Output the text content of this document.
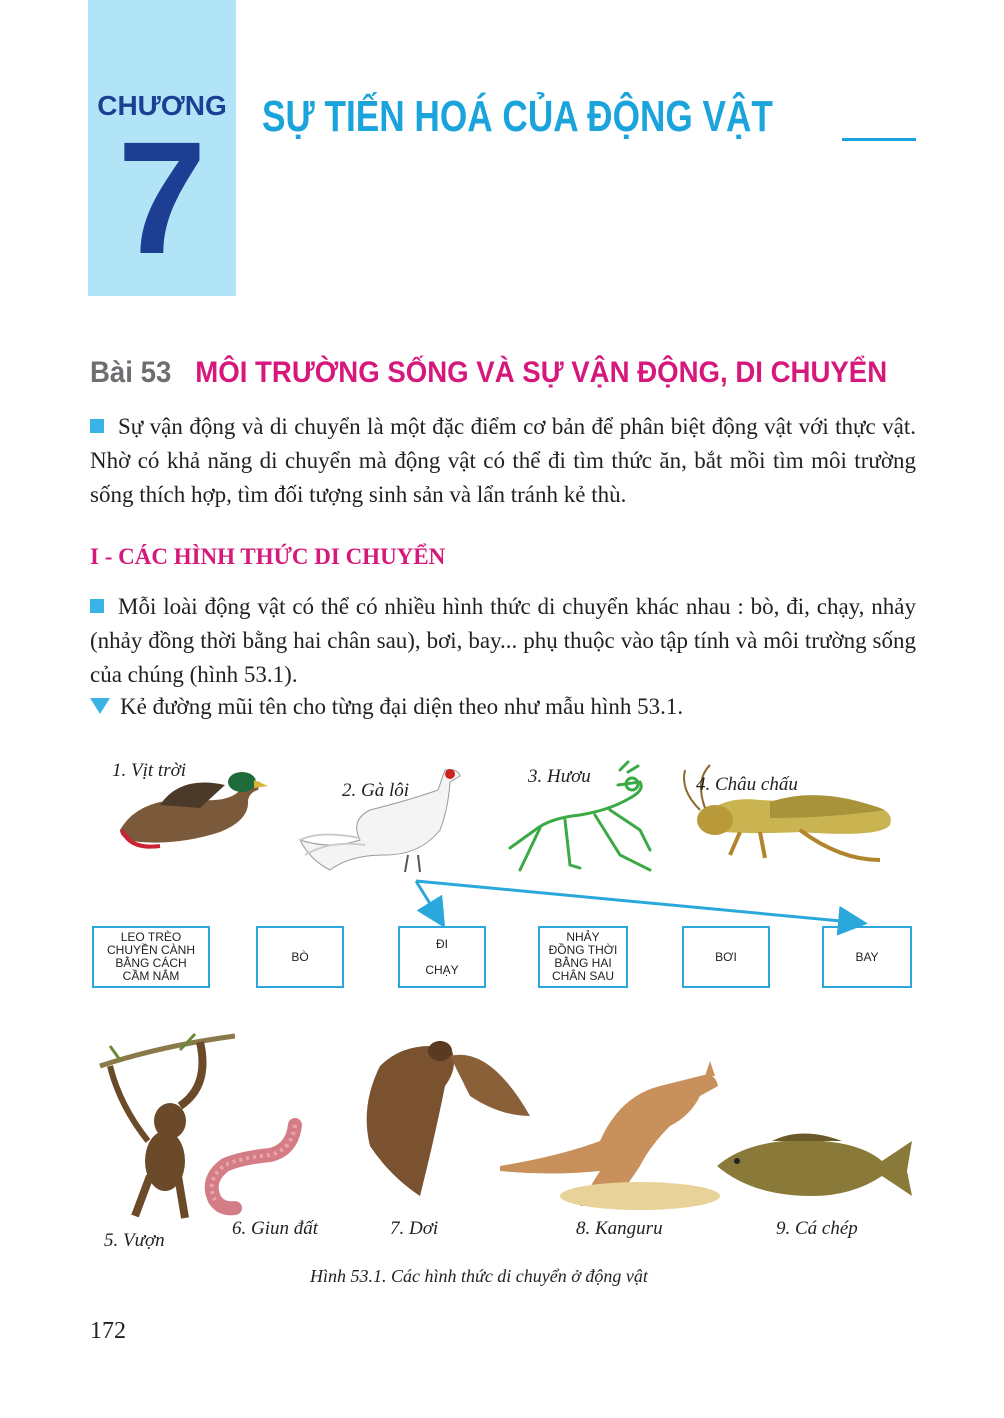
CHƯƠNG
7	SỰ TIẾN HOÁ CỦA ĐỘNG VẬT
Bài 53 MÔI TRƯỜNG SỐNG VÀ SỰ VẬN ĐỘNG, DI CHUYỂN
Sự vận động và di chuyển là một đặc điểm cơ bản để phân biệt động vật với thực vật. Nhờ có khả năng di chuyển mà động vật có thể đi tìm thức ăn, bắt mồi tìm môi trường sống thích hợp, tìm đối tượng sinh sản và lẩn tránh kẻ thù.
I - CÁC HÌNH THỨC DI CHUYỂN
Mỗi loài động vật có thể có nhiều hình thức di chuyển khác nhau : bò, đi, chạy, nhảy (nhảy đồng thời bằng hai chân sau), bơi, bay... phụ thuộc vào tập tính và môi trường sống của chúng (hình 53.1).
Kẻ đường mũi tên cho từng đại diện theo như mẫu hình 53.1.
1. Vịt trời
2. Gà lôi
3. Hươu	4. Châu chấu
LEO TRÈO
CHUYỀN CÀNH
BẰNG CÁCH
CẦM NẮM
BÒ
ĐI

CHẠY
NHẢY
ĐỒNG THỜI
BẰNG HAI
CHÂN SAU
BƠI	BAY
5. Vượn
6. Giun đất	7. Dơi	8. Kanguru	9. Cá chép
Hình 53.1. Các hình thức di chuyển ở động vật
172
